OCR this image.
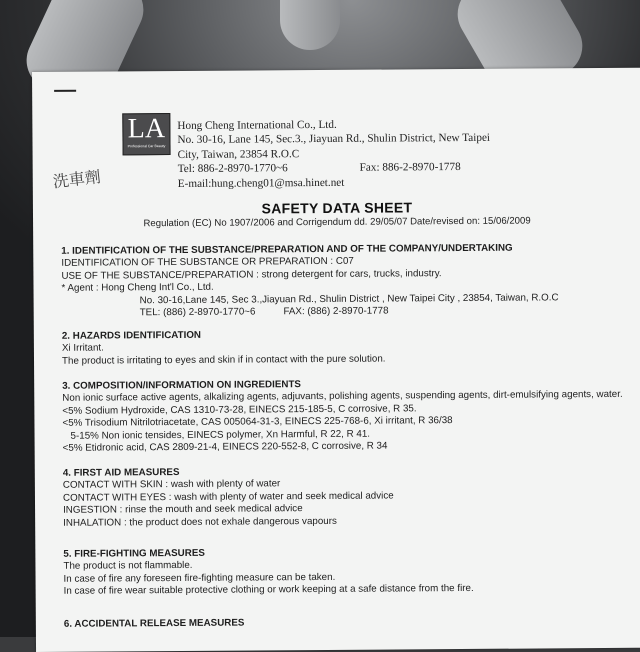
LA
Professional Car Beauty
Hong Cheng International Co., Ltd.
No. 30-16, Lane 145, Sec.3., Jiayuan Rd., Shulin District, New Taipei
City, Taiwan, 23854 R.O.C
Tel: 886-2-8970-1770~6	Fax: 886-2-8970-1778
E-mail:hung.cheng01@msa.hinet.net
洗車劑
SAFETY DATA SHEET
Regulation (EC) No 1907/2006 and Corrigendum dd. 29/05/07 Date/revised on: 15/06/2009
1. IDENTIFICATION OF THE SUBSTANCE/PREPARATION AND OF THE COMPANY/UNDERTAKING
IDENTIFICATION OF THE SUBSTANCE OR PREPARATION : C07
USE OF THE SUBSTANCE/PREPARATION : strong detergent for cars, trucks, industry.
* Agent : Hong Cheng Int'l Co., Ltd.
No. 30-16,Lane 145, Sec 3.,Jiayuan Rd., Shulin District , New Taipei City , 23854, Taiwan, R.O.C
TEL: (886) 2-8970-1770~6	FAX: (886) 2-8970-1778
2. HAZARDS IDENTIFICATION
Xi Irritant.
The product is irritating to eyes and skin if in contact with the pure solution.
3. COMPOSITION/INFORMATION ON INGREDIENTS
Non ionic surface active agents, alkalizing agents, adjuvants, polishing agents, suspending agents, dirt-emulsifying agents, water.
<5% Sodium Hydroxide, CAS 1310-73-28, EINECS 215-185-5, C corrosive, R 35.
<5% Trisodium Nitrilotriacetate, CAS 005064-31-3, EINECS 225-768-6, Xi irritant, R 36/38
5-15% Non ionic tensides, EINECS polymer, Xn Harmful, R 22, R 41.
<5% Etidronic acid, CAS 2809-21-4, EINECS 220-552-8, C corrosive, R 34
4. FIRST AID MEASURES
CONTACT WITH SKIN : wash with plenty of water
CONTACT WITH EYES : wash with plenty of water and seek medical advice
INGESTION : rinse the mouth and seek medical advice
INHALATION : the product does not exhale dangerous vapours
5. FIRE-FIGHTING MEASURES
The product is not flammable.
In case of fire any foreseen fire-fighting measure can be taken.
In case of fire wear suitable protective clothing or work keeping at a safe distance from the fire.
6. ACCIDENTAL RELEASE MEASURES
